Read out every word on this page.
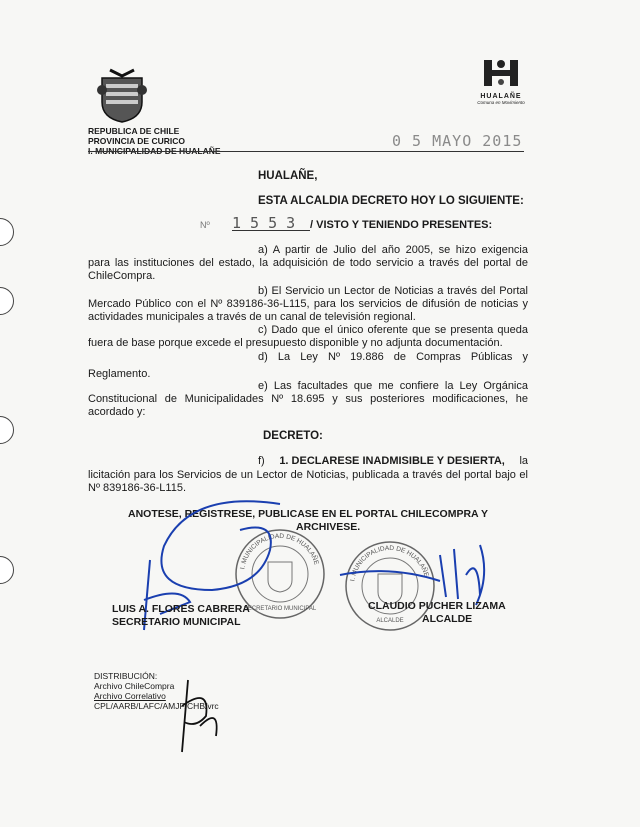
REPUBLICA DE CHILE
PROVINCIA DE CURICO
I. MUNICIPALIDAD DE HUALAÑE
HUALAÑE
Comuna en Movimiento
0 5 MAYO 2015
HUALAÑE,
ESTA ALCALDIA DECRETO HOY LO SIGUIENTE:
Nº 1 5 5 3 / VISTO Y TENIENDO PRESENTES:
a) A partir de Julio del año 2005, se hizo exigencia
para las instituciones del estado, la adquisición de todo servicio a través del portal de
ChileCompra.
b) El Servicio un Lector de Noticias a través del Portal
Mercado Público con el Nº 839186-36-L115, para los servicios de difusión de noticias y
actividades municipales a través de un canal de televisión regional.
c) Dado que el único oferente que se presenta queda
fuera de base porque excede el presupuesto disponible y no adjunta documentación.
d) La Ley Nº 19.886 de Compras Públicas y
Reglamento.
e) Las facultades que me confiere la Ley Orgánica
Constitucional de Municipalidades Nº 18.695 y sus posteriores modificaciones, he
acordado y:
DECRETO:
f) 1. DECLARESE INADMISIBLE Y DESIERTA, la
licitación para los Servicios de un Lector de Noticias, publicada a través del portal bajo el
Nº 839186-36-L115.
ANOTESE, REGISTRESE, PUBLICASE EN EL PORTAL CHILECOMPRA Y
ARCHIVESE.
I. MUNICIPALIDAD DE HUALAÑE
SECRETARIO MUNICIPAL
I. MUNICIPALIDAD DE HUALAÑE
ALCALDE
LUIS A. FLORES CABRERA
SECRETARIO MUNICIPAL
CLAUDIO PUCHER LIZAMA
ALCALDE
DISTRIBUCIÓN:
Archivo ChileCompra
Archivo Correlativo
CPL/AARB/LAFC/AMJF/CHB/vrc
